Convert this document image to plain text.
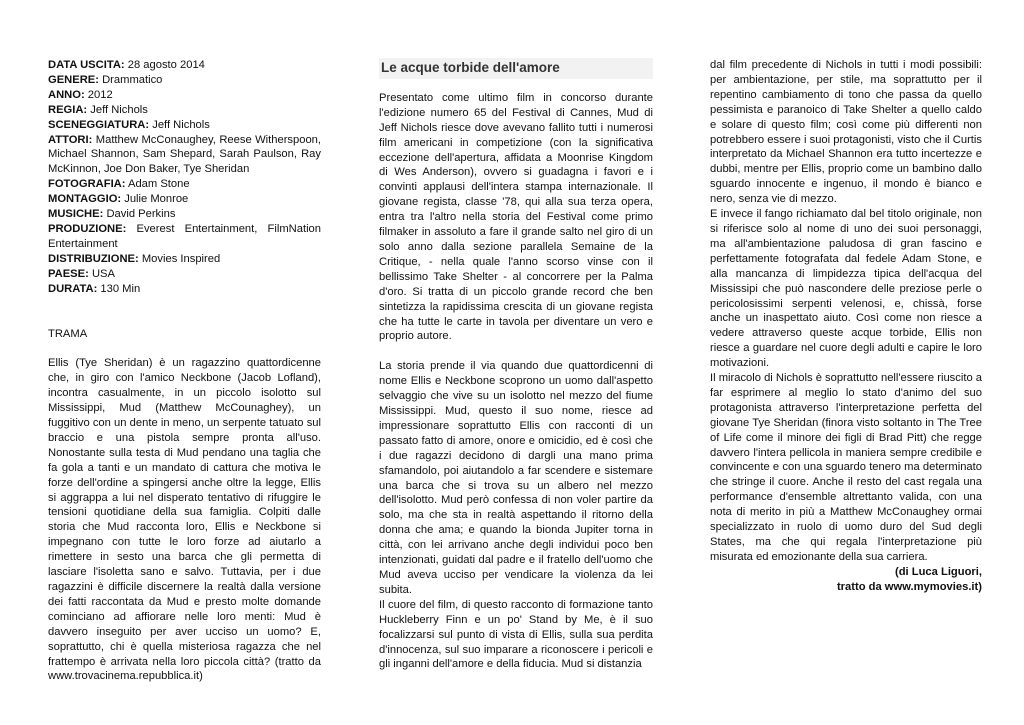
DATA USCITA: 28 agosto 2014
GENERE: Drammatico
ANNO: 2012
REGIA: Jeff Nichols
SCENEGGIATURA: Jeff Nichols
ATTORI: Matthew McConaughey, Reese Witherspoon, Michael Shannon, Sam Shepard, Sarah Paulson, Ray McKinnon, Joe Don Baker, Tye Sheridan
FOTOGRAFIA: Adam Stone
MONTAGGIO: Julie Monroe
MUSICHE: David Perkins
PRODUZIONE: Everest Entertainment, FilmNation Entertainment
DISTRIBUZIONE: Movies Inspired
PAESE: USA
DURATA: 130 Min
TRAMA

Ellis (Tye Sheridan) è un ragazzino quattordicenne che, in giro con l'amico Neckbone (Jacob Lofland), incontra casualmente, in un piccolo isolotto sul Mississippi, Mud (Matthew McCounaghey), un fuggitivo con un dente in meno, un serpente tatuato sul braccio e una pistola sempre pronta all'uso. Nonostante sulla testa di Mud pendano una taglia che fa gola a tanti e un mandato di cattura che motiva le forze dell'ordine a spingersi anche oltre la legge, Ellis si aggrappa a lui nel disperato tentativo di rifuggire le tensioni quotidiane della sua famiglia. Colpiti dalle storia che Mud racconta loro, Ellis e Neckbone si impegnano con tutte le loro forze ad aiutarlo a rimettere in sesto una barca che gli permetta di lasciare l'isoletta sano e salvo. Tuttavia, per i due ragazzini è difficile discernere la realtà dalla versione dei fatti raccontata da Mud e presto molte domande cominciano ad affiorare nelle loro menti: Mud è davvero inseguito per aver ucciso un uomo? E, soprattutto, chi è quella misteriosa ragazza che nel frattempo è arrivata nella loro piccola città? (tratto da www.trovacinema.repubblica.it)

Le acque torbide dell'amore

Presentato come ultimo film in concorso durante l'edizione numero 65 del Festival di Cannes, Mud di Jeff Nichols riesce dove avevano fallito tutti i numerosi film americani in competizione (con la significativa eccezione dell'apertura, affidata a Moonrise Kingdom di Wes Anderson), ovvero si guadagna i favori e i convinti applausi dell'intera stampa internazionale. Il giovane regista, classe '78, qui alla sua terza opera, entra tra l'altro nella storia del Festival come primo filmaker in assoluto a fare il grande salto nel giro di un solo anno dalla sezione parallela Semaine de la Critique, - nella quale l'anno scorso vinse con il bellissimo Take Shelter - al concorrere per la Palma d'oro. Si tratta di un piccolo grande record che ben sintetizza la rapidissima crescita di un giovane regista che ha tutte le carte in tavola per diventare un vero e proprio autore.

La storia prende il via quando due quattordicenni di nome Ellis e Neckbone scoprono un uomo dall'aspetto selvaggio che vive su un isolotto nel mezzo del fiume Mississippi. Mud, questo il suo nome, riesce ad impressionare soprattutto Ellis con racconti di un passato fatto di amore, onore e omicidio, ed è così che i due ragazzi decidono di dargli una mano prima sfamandolo, poi aiutandolo a far scendere e sistemare una barca che si trova su un albero nel mezzo dell'isolotto. Mud però confessa di non voler partire da solo, ma che sta in realtà aspettando il ritorno della donna che ama; e quando la bionda Jupiter torna in città, con lei arrivano anche degli individui poco ben intenzionati, guidati dal padre e il fratello dell'uomo che Mud aveva ucciso per vendicare la violenza da lei subita.

Il cuore del film, di questo racconto di formazione tanto Huckleberry Finn e un po' Stand by Me, è il suo focalizzarsi sul punto di vista di Ellis, sulla sua perdita d'innocenza, sul suo imparare a riconoscere i pericoli e gli inganni dell'amore e della fiducia. Mud si distanzia

dal film precedente di Nichols in tutti i modi possibili: per ambientazione, per stile, ma soprattutto per il repentino cambiamento di tono che passa da quello pessimista e paranoico di Take Shelter a quello caldo e solare di questo film; così come più differenti non potrebbero essere i suoi protagonisti, visto che il Curtis interpretato da Michael Shannon era tutto incertezze e dubbi, mentre per Ellis, proprio come un bambino dallo sguardo innocente e ingenuo, il mondo è bianco e nero, senza vie di mezzo.

E invece il fango richiamato dal bel titolo originale, non si riferisce solo al nome di uno dei suoi personaggi, ma all'ambientazione paludosa di gran fascino e perfettamente fotografata dal fedele Adam Stone, e alla mancanza di limpidezza tipica dell'acqua del Mississipi che può nascondere delle preziose perle o pericolosissimi serpenti velenosi, e, chissà, forse anche un inaspettato aiuto. Così come non riesce a vedere attraverso queste acque torbide, Ellis non riesce a guardare nel cuore degli adulti e capire le loro motivazioni.

Il miracolo di Nichols è soprattutto nell'essere riuscito a far esprimere al meglio lo stato d'animo del suo protagonista attraverso l'interpretazione perfetta del giovane Tye Sheridan (finora visto soltanto in The Tree of Life come il minore dei figli di Brad Pitt) che regge davvero l'intera pellicola in maniera sempre credibile e convincente e con una sguardo tenero ma determinato che stringe il cuore. Anche il resto del cast regala una performance d'ensemble altrettanto valida, con una nota di merito in più a Matthew McConaughey ormai specializzato in ruolo di uomo duro del Sud degli States, ma che qui regala l'interpretazione più misurata ed emozionante della sua carriera.

(di Luca Liguori,
tratto da www.mymovies.it)
